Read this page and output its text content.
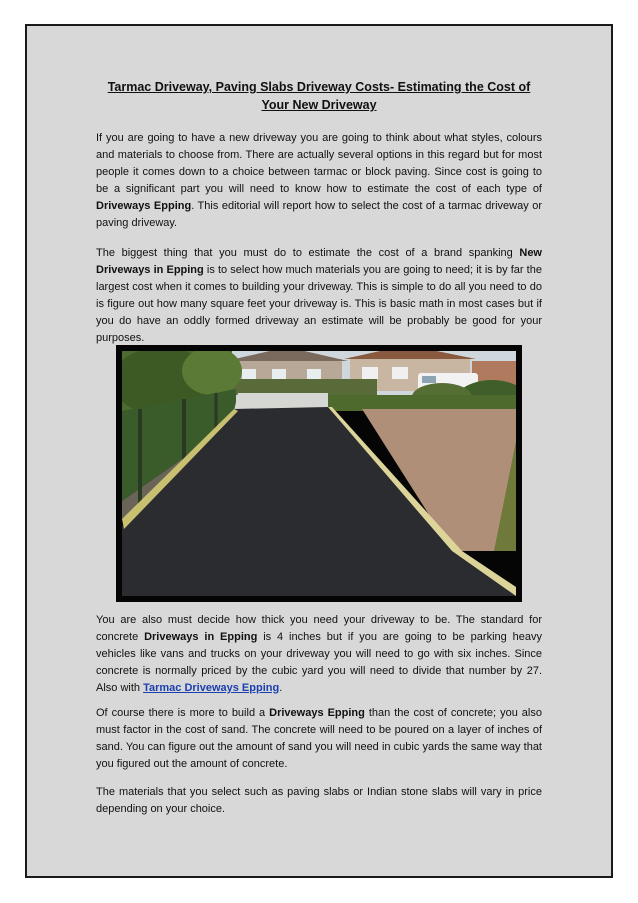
Tarmac Driveway, Paving Slabs Driveway Costs- Estimating the Cost of Your New Driveway

If you are going to have a new driveway you are going to think about what styles, colours and materials to choose from. There are actually several options in this regard but for most people it comes down to a choice between tarmac or block paving. Since cost is going to be a significant part you will need to know how to estimate the cost of each type of Driveways Epping. This editorial will report how to select the cost of a tarmac driveway or paving driveway.

The biggest thing that you must do to estimate the cost of a brand spanking New Driveways in Epping is to select how much materials you are going to need; it is by far the largest cost when it comes to building your driveway. This is simple to do all you need to do is figure out how many square feet your driveway is. This is basic math in most cases but if you do have an oddly formed driveway an estimate will be probably be good for your purposes.

You are also must decide how thick you need your driveway to be. The standard for concrete Driveways in Epping is 4 inches but if you are going to be parking heavy vehicles like vans and trucks on your driveway you will need to go with six inches. Since concrete is normally priced by the cubic yard you will need to divide that number by 27. Also with Tarmac Driveways Epping.

Of course there is more to build a Driveways Epping than the cost of concrete; you also must factor in the cost of sand. The concrete will need to be poured on a layer of inches of sand. You can figure out the amount of sand you will need in cubic yards the same way that you figured out the amount of concrete.

The materials that you select such as paving slabs or Indian stone slabs will vary in price depending on your choice.
